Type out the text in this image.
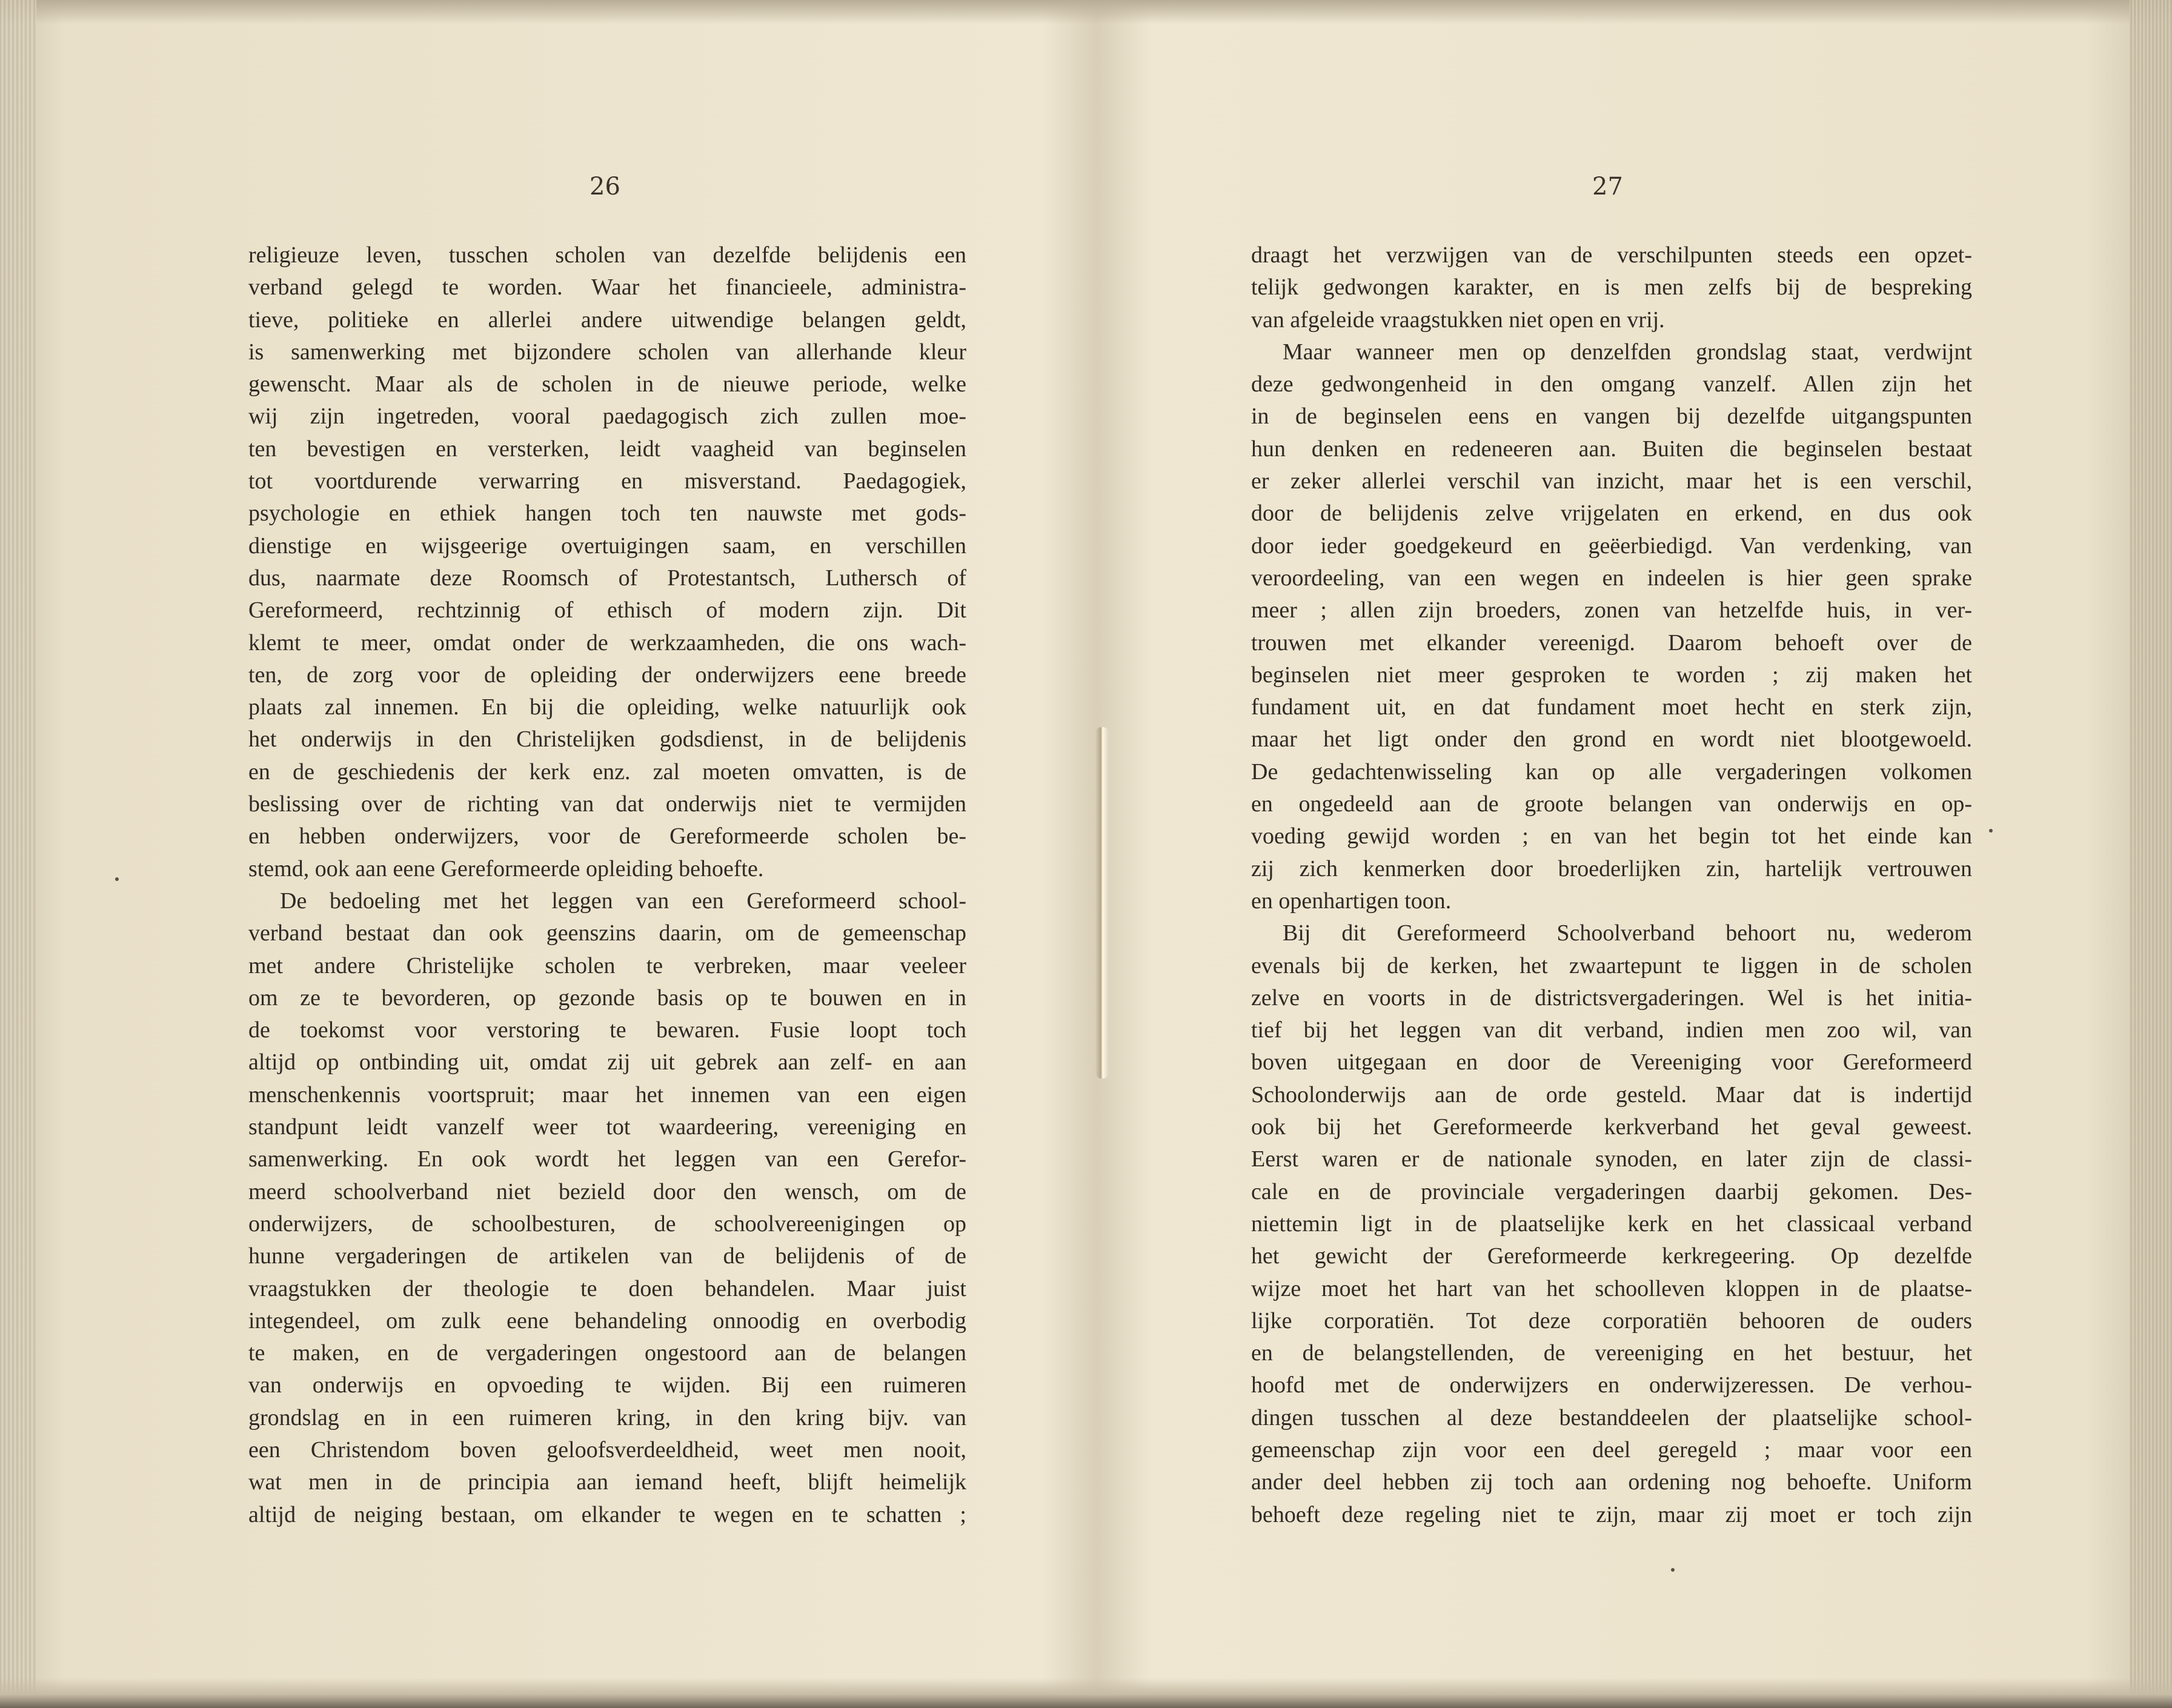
26	27
religieuze leven, tusschen scholen van dezelfde belijdenis een
verband gelegd te worden. Waar het financieele, administra-
tieve, politieke en allerlei andere uitwendige belangen geldt,
is samenwerking met bijzondere scholen van allerhande kleur
gewenscht. Maar als de scholen in de nieuwe periode, welke
wij zijn ingetreden, vooral paedagogisch zich zullen moe-
ten bevestigen en versterken, leidt vaagheid van beginselen
tot voortdurende verwarring en misverstand. Paedagogiek,
psychologie en ethiek hangen toch ten nauwste met gods-
dienstige en wijsgeerige overtuigingen saam, en verschillen
dus, naarmate deze Roomsch of Protestantsch, Luthersch of
Gereformeerd, rechtzinnig of ethisch of modern zijn. Dit
klemt te meer, omdat onder de werkzaamheden, die ons wach-
ten, de zorg voor de opleiding der onderwijzers eene breede
plaats zal innemen. En bij die opleiding, welke natuurlijk ook
het onderwijs in den Christelijken godsdienst, in de belijdenis
en de geschiedenis der kerk enz. zal moeten omvatten, is de
beslissing over de richting van dat onderwijs niet te vermijden
en hebben onderwijzers, voor de Gereformeerde scholen be-
stemd, ook aan eene Gereformeerde opleiding behoefte.
De bedoeling met het leggen van een Gereformeerd school-
verband bestaat dan ook geenszins daarin, om de gemeenschap
met andere Christelijke scholen te verbreken, maar veeleer
om ze te bevorderen, op gezonde basis op te bouwen en in
de toekomst voor verstoring te bewaren. Fusie loopt toch
altijd op ontbinding uit, omdat zij uit gebrek aan zelf- en aan
menschenkennis voortspruit; maar het innemen van een eigen
standpunt leidt vanzelf weer tot waardeering, vereeniging en
samenwerking. En ook wordt het leggen van een Gerefor-
meerd schoolverband niet bezield door den wensch, om de
onderwijzers, de schoolbesturen, de schoolvereenigingen op
hunne vergaderingen de artikelen van de belijdenis of de
vraagstukken der theologie te doen behandelen. Maar juist
integendeel, om zulk eene behandeling onnoodig en overbodig
te maken, en de vergaderingen ongestoord aan de belangen
van onderwijs en opvoeding te wijden. Bij een ruimeren
grondslag en in een ruimeren kring, in den kring bijv. van
een Christendom boven geloofsverdeeldheid, weet men nooit,
wat men in de principia aan iemand heeft, blijft heimelijk
altijd de neiging bestaan, om elkander te wegen en te schatten ;
draagt het verzwijgen van de verschilpunten steeds een opzet-
telijk gedwongen karakter, en is men zelfs bij de bespreking
van afgeleide vraagstukken niet open en vrij.
Maar wanneer men op denzelfden grondslag staat, verdwijnt
deze gedwongenheid in den omgang vanzelf. Allen zijn het
in de beginselen eens en vangen bij dezelfde uitgangspunten
hun denken en redeneeren aan. Buiten die beginselen bestaat
er zeker allerlei verschil van inzicht, maar het is een verschil,
door de belijdenis zelve vrijgelaten en erkend, en dus ook
door ieder goedgekeurd en geëerbiedigd. Van verdenking, van
veroordeeling, van een wegen en indeelen is hier geen sprake
meer ; allen zijn broeders, zonen van hetzelfde huis, in ver-
trouwen met elkander vereenigd. Daarom behoeft over de
beginselen niet meer gesproken te worden ; zij maken het
fundament uit, en dat fundament moet hecht en sterk zijn,
maar het ligt onder den grond en wordt niet blootgewoeld.
De gedachtenwisseling kan op alle vergaderingen volkomen
en ongedeeld aan de groote belangen van onderwijs en op-
voeding gewijd worden ; en van het begin tot het einde kan
zij zich kenmerken door broederlijken zin, hartelijk vertrouwen
en openhartigen toon.
Bij dit Gereformeerd Schoolverband behoort nu, wederom
evenals bij de kerken, het zwaartepunt te liggen in de scholen
zelve en voorts in de districtsvergaderingen. Wel is het initia-
tief bij het leggen van dit verband, indien men zoo wil, van
boven uitgegaan en door de Vereeniging voor Gereformeerd
Schoolonderwijs aan de orde gesteld. Maar dat is indertijd
ook bij het Gereformeerde kerkverband het geval geweest.
Eerst waren er de nationale synoden, en later zijn de classi-
cale en de provinciale vergaderingen daarbij gekomen. Des-
niettemin ligt in de plaatselijke kerk en het classicaal verband
het gewicht der Gereformeerde kerkregeering. Op dezelfde
wijze moet het hart van het schoolleven kloppen in de plaatse-
lijke corporatiën. Tot deze corporatiën behooren de ouders
en de belangstellenden, de vereeniging en het bestuur, het
hoofd met de onderwijzers en onderwijzeressen. De verhou-
dingen tusschen al deze bestanddeelen der plaatselijke school-
gemeenschap zijn voor een deel geregeld ; maar voor een
ander deel hebben zij toch aan ordening nog behoefte. Uniform
behoeft deze regeling niet te zijn, maar zij moet er toch zijn
